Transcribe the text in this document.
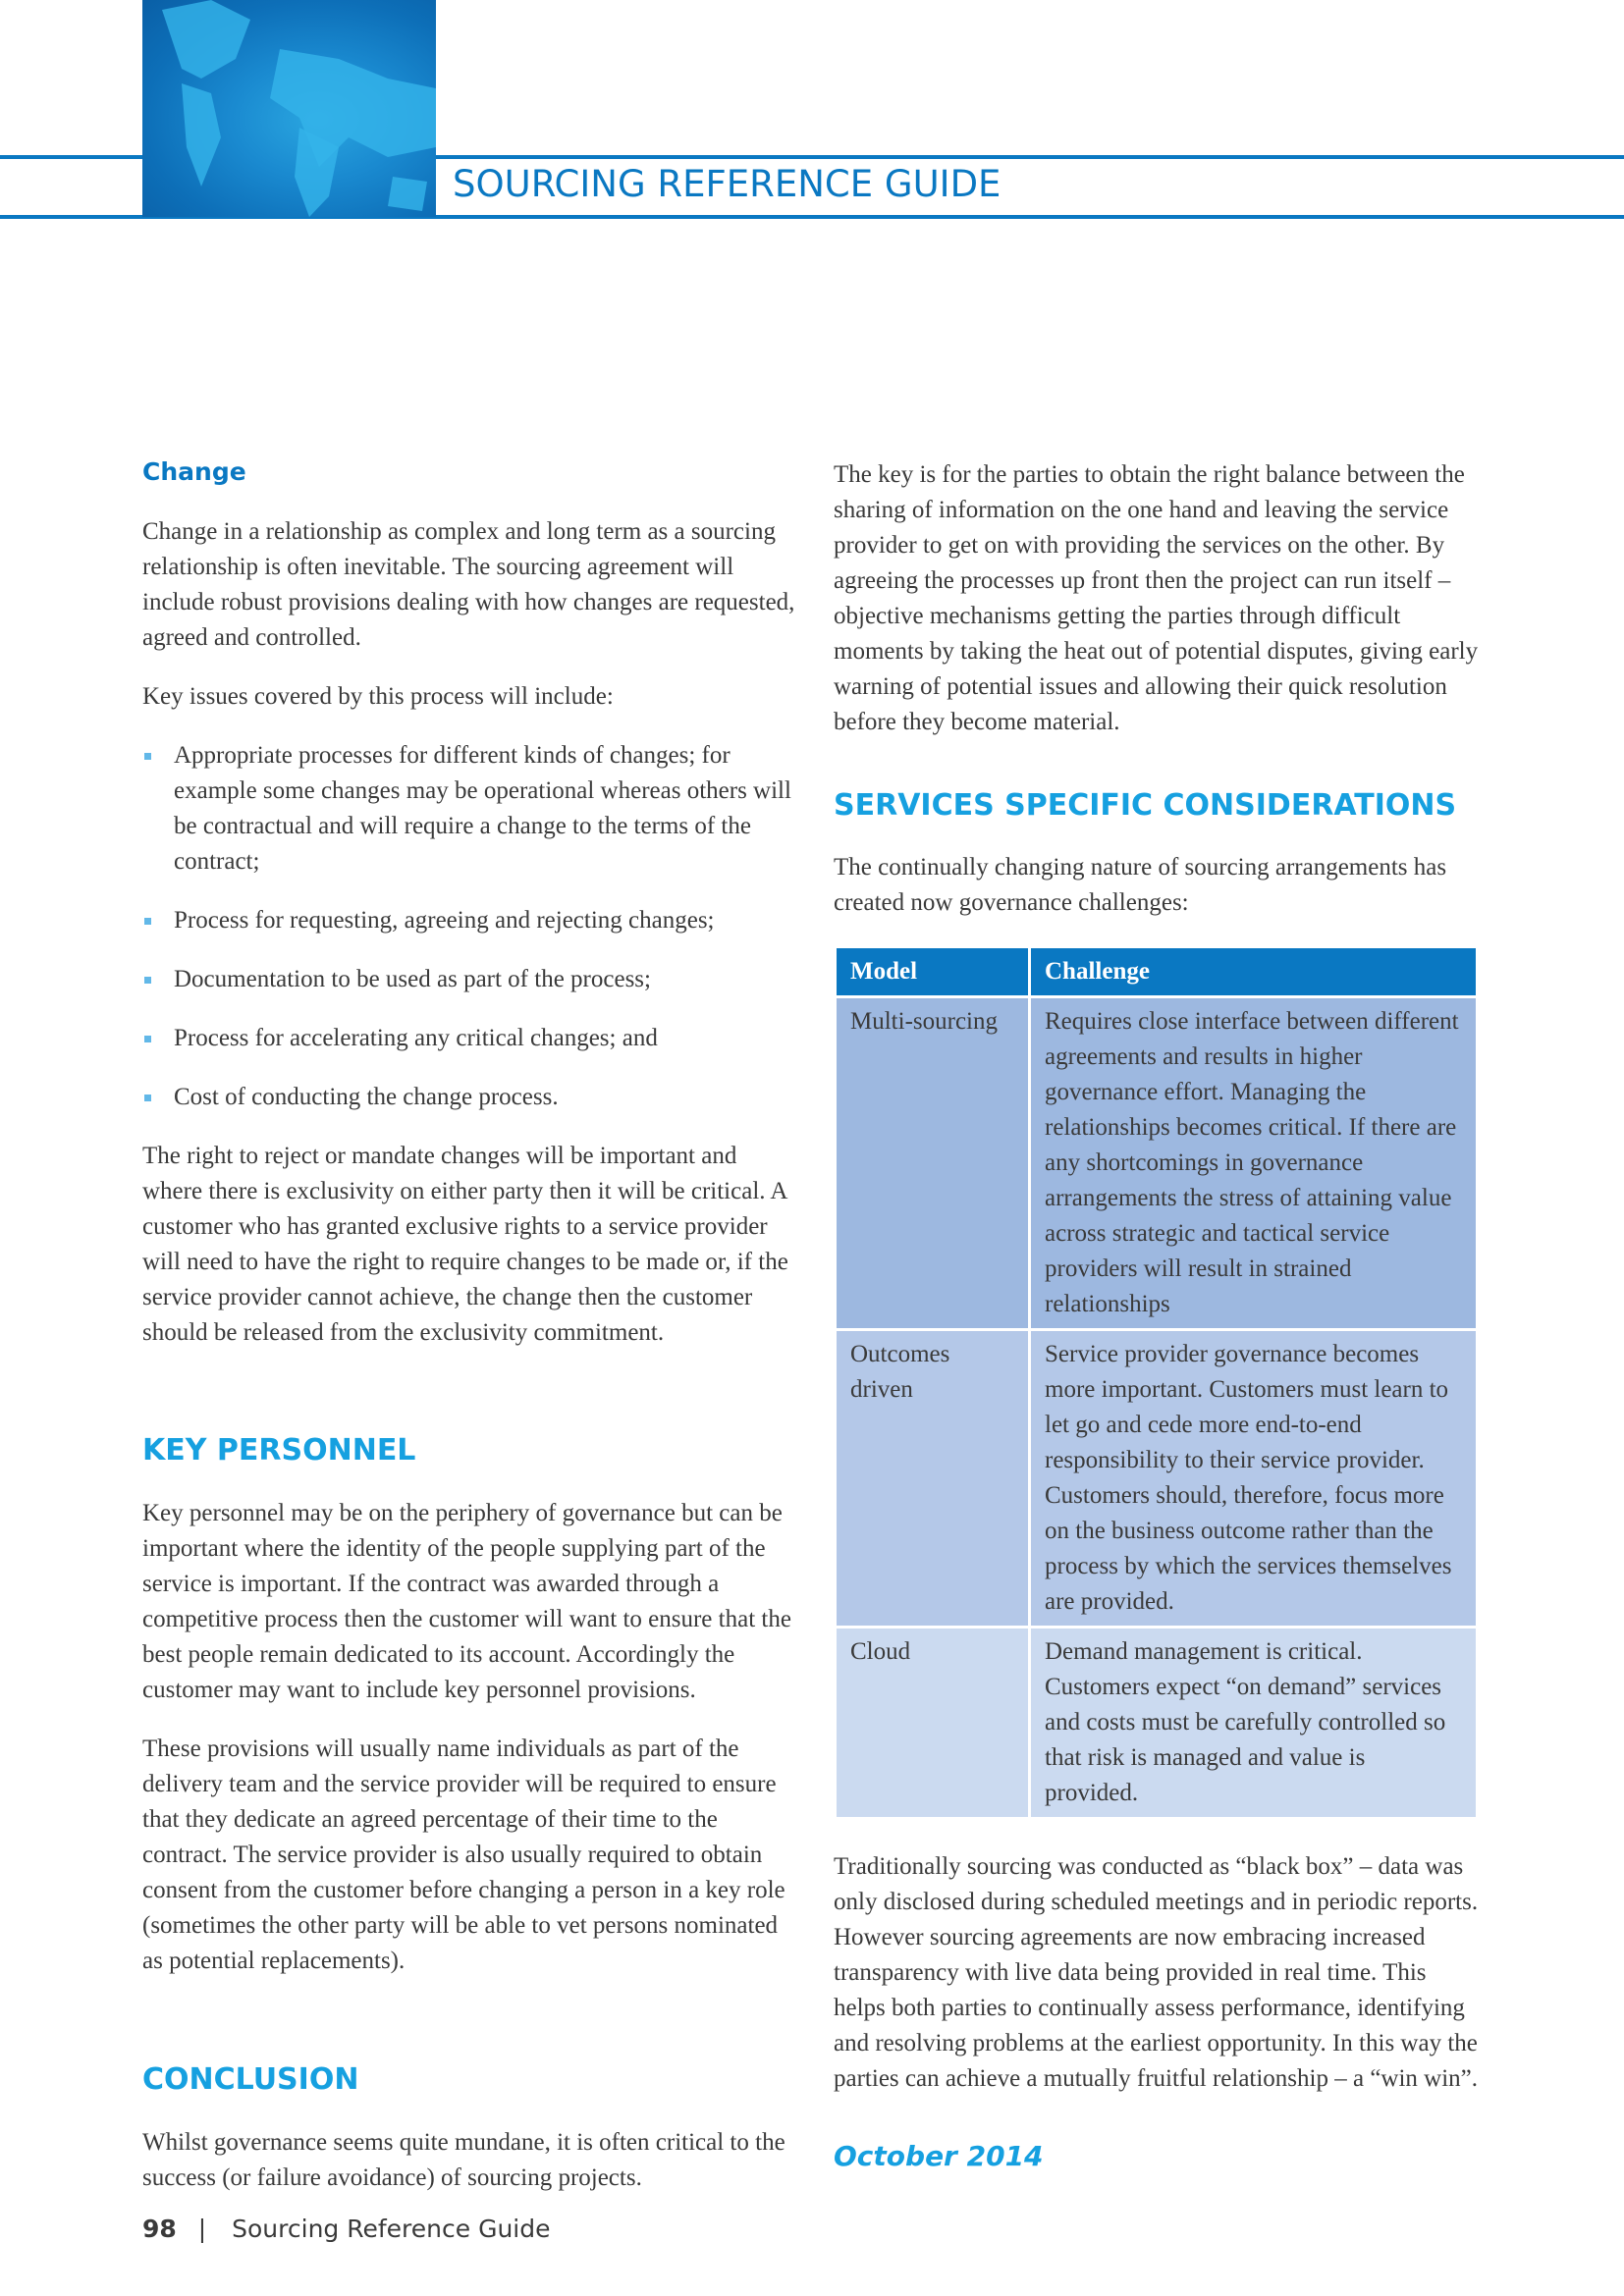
SOURCING REFERENCE GUIDE
Change

Change in a relationship as complex and long term as a sourcing relationship is often inevitable. The sourcing agreement will include robust provisions dealing with how changes are requested, agreed and controlled.

Key issues covered by this process will include:

Appropriate processes for different kinds of changes; for example some changes may be operational whereas others will be contractual and will require a change to the terms of the contract;
Process for requesting, agreeing and rejecting changes;
Documentation to be used as part of the process;
Process for accelerating any critical changes; and
Cost of conducting the change process.

The right to reject or mandate changes will be important and where there is exclusivity on either party then it will be critical. A customer who has granted exclusive rights to a service provider will need to have the right to require changes to be made or, if the service provider cannot achieve, the change then the customer should be released from the exclusivity commitment.

KEY PERSONNEL

Key personnel may be on the periphery of governance but can be important where the identity of the people supplying part of the service is important. If the contract was awarded through a competitive process then the customer will want to ensure that the best people remain dedicated to its account. Accordingly the customer may want to include key personnel provisions.

These provisions will usually name individuals as part of the delivery team and the service provider will be required to ensure that they dedicate an agreed percentage of their time to the contract. The service provider is also usually required to obtain consent from the customer before changing a person in a key role (sometimes the other party will be able to vet persons nominated as potential replacements).

CONCLUSION

Whilst governance seems quite mundane, it is often critical to the success (or failure avoidance) of sourcing projects.

The key is for the parties to obtain the right balance between the sharing of information on the one hand and leaving the service provider to get on with providing the services on the other. By agreeing the processes up front then the project can run itself – objective mechanisms getting the parties through difficult moments by taking the heat out of potential disputes, giving early warning of potential issues and allowing their quick resolution before they become material.

SERVICES SPECIFIC CONSIDERATIONS

The continually changing nature of sourcing arrangements has created now governance challenges:

Model	Challenge
Multi-sourcing	Requires close interface between different agreements and results in higher governance effort. Managing the relationships becomes critical. If there are any shortcomings in governance arrangements the stress of attaining value across strategic and tactical service providers will result in strained relationships
Outcomes driven	Service provider governance becomes more important. Customers must learn to let go and cede more end-to-end responsibility to their service provider. Customers should, therefore, focus more on the business outcome rather than the process by which the services themselves are provided.
Cloud	Demand management is critical. Customers expect “on demand” services and costs must be carefully controlled so that risk is managed and value is provided.

Traditionally sourcing was conducted as “black box” – data was only disclosed during scheduled meetings and in periodic reports. However sourcing agreements are now embracing increased transparency with live data being provided in real time. This helps both parties to continually assess performance, identifying and resolving problems at the earliest opportunity. In this way the parties can achieve a mutually fruitful relationship – a “win win”.

October 2014
98 | Sourcing Reference Guide
